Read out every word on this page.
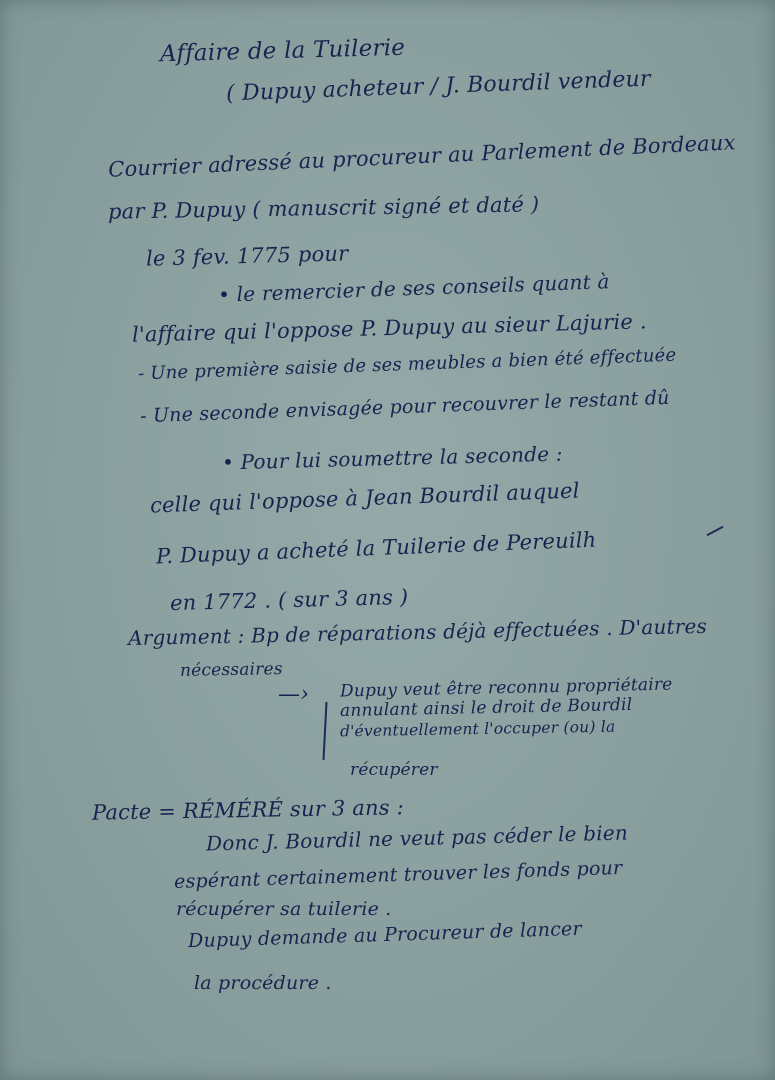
Affaire de la Tuilerie
( Dupuy acheteur / J. Bourdil vendeur
Courrier adressé au procureur au Parlement de Bordeaux
par P. Dupuy ( manuscrit signé et daté )
le 3 fev. 1775 pour
• le remercier de ses conseils quant à
l'affaire qui l'oppose P. Dupuy au sieur Lajurie .
- Une première saisie de ses meubles a bien été effectuée
- Une seconde envisagée pour recouvrer le restant dû
• Pour lui soumettre la seconde :
celle qui l'oppose à Jean Bourdil auquel
P. Dupuy a acheté la Tuilerie de Pereuilh
en 1772 . ( sur 3 ans )
Argument : Bp de réparations déjà effectuées . D'autres
nécessaires
—› Dupuy veut être reconnu propriétaire
annulant ainsi le droit de Bourdil
d'éventuellement l'occuper (ou) la
récupérer
Pacte = RÉMÉRÉ sur 3 ans :
Donc J. Bourdil ne veut pas céder le bien
espérant certainement trouver les fonds pour
récupérer sa tuilerie .
Dupuy demande au Procureur de lancer
la procédure .
